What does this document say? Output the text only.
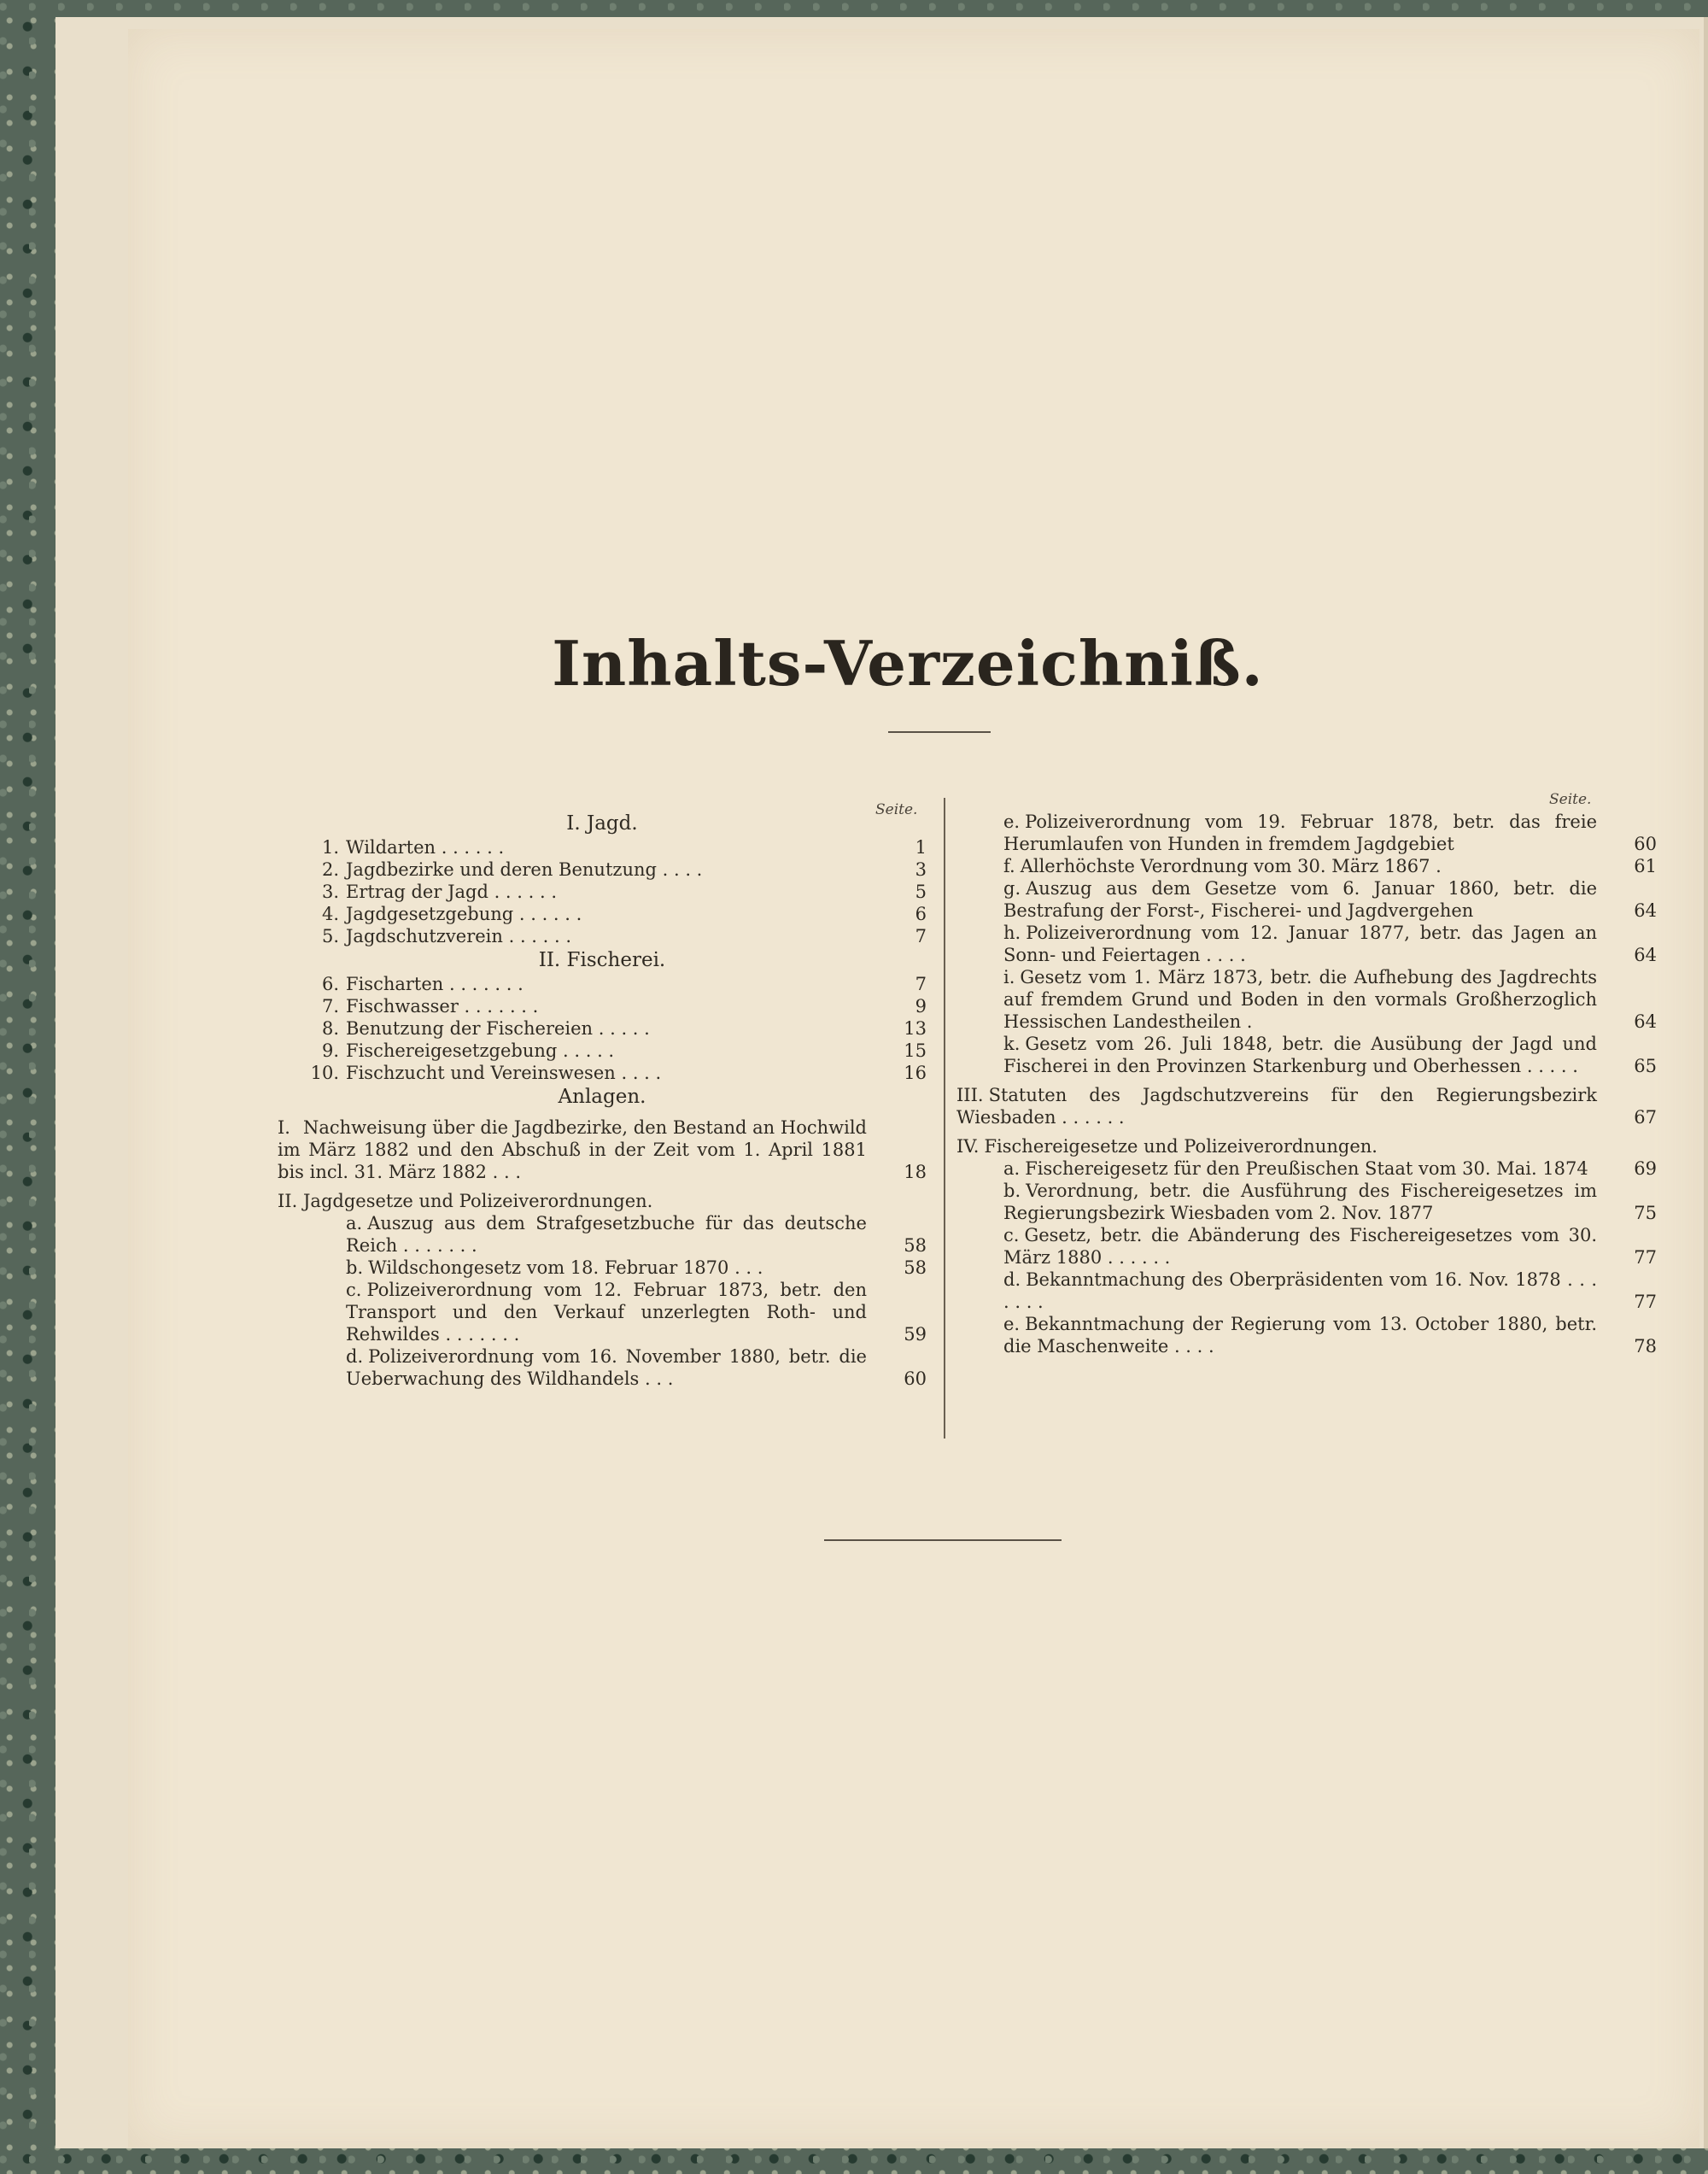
Inhalts-Verzeichniß.
Seite.
Seite.
I. Jagd.
1. Wildarten . . . . . .	1
2. Jagdbezirke und deren Benutzung . . . .	3
3. Ertrag der Jagd . . . . . .	5
4. Jagdgesetzgebung . . . . . .	6
5. Jagdschutzverein . . . . . .	7
II. Fischerei.
6. Fischarten . . . . . . .	7
7. Fischwasser . . . . . . .	9
8. Benutzung der Fischereien . . . . .	13
9. Fischereigesetzgebung . . . . .	15
10. Fischzucht und Vereinswesen . . . .	16
Anlagen.
I. Nachweisung über die Jagdbezirke, den Bestand an Hochwild im März 1882 und den Abschuß in der Zeit vom 1. April 1881 bis incl. 31. März 1882 . . .	18
II. Jagdgesetze und Polizeiverordnungen.
a. Auszug aus dem Strafgesetzbuche für das deutsche Reich . . . . . . .	58
b. Wildschongesetz vom 18. Februar 1870 . . .	58
c. Polizeiverordnung vom 12. Februar 1873, betr. den Transport und den Verkauf unzerlegten Roth- und Rehwildes . . . . . . .	59
d. Polizeiverordnung vom 16. November 1880, betr. die Ueberwachung des Wildhandels . . .	60
e. Polizeiverordnung vom 19. Februar 1878, betr. das freie Herumlaufen von Hunden in fremdem Jagdgebiet	60
f. Allerhöchste Verordnung vom 30. März 1867 .	61
g. Auszug aus dem Gesetze vom 6. Januar 1860, betr. die Bestrafung der Forst-, Fischerei- und Jagdvergehen	64
h. Polizeiverordnung vom 12. Januar 1877, betr. das Jagen an Sonn- und Feiertagen . . . .	64
i. Gesetz vom 1. März 1873, betr. die Aufhebung des Jagdrechts auf fremdem Grund und Boden in den vormals Großherzoglich Hessischen Landestheilen .	64
k. Gesetz vom 26. Juli 1848, betr. die Ausübung der Jagd und Fischerei in den Provinzen Starkenburg und Oberhessen . . . . .	65
III. Statuten des Jagdschutzvereins für den Regierungsbezirk Wiesbaden . . . . . .	67
IV. Fischereigesetze und Polizeiverordnungen.
a. Fischereigesetz für den Preußischen Staat vom 30. Mai. 1874	69
b. Verordnung, betr. die Ausführung des Fischereigesetzes im Regierungsbezirk Wiesbaden vom 2. Nov. 1877	75
c. Gesetz, betr. die Abänderung des Fischereigesetzes vom 30. März 1880 . . . . . .	77
d. Bekanntmachung des Oberpräsidenten vom 16. Nov. 1878 . . . . . . .	77
e. Bekanntmachung der Regierung vom 13. October 1880, betr. die Maschenweite . . . .	78
